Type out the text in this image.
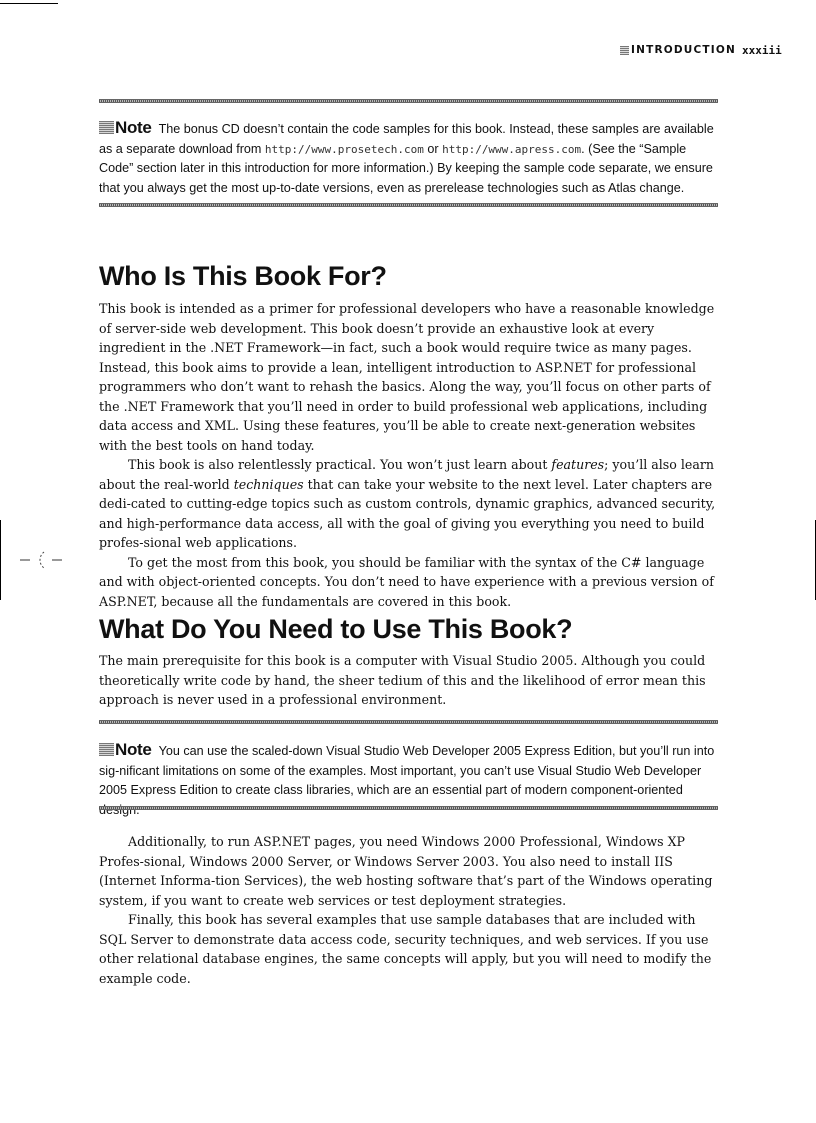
INTRODUCTION xxxiii
Note The bonus CD doesn’t contain the code samples for this book. Instead, these samples are available as a separate download from http://www.prosetech.com or http://www.apress.com. (See the “Sample Code” section later in this introduction for more information.) By keeping the sample code separate, we ensure that you always get the most up-to-date versions, even as prerelease technologies such as Atlas change.
Who Is This Book For?

This book is intended as a primer for professional developers who have a reasonable knowledge of server-side web development. This book doesn’t provide an exhaustive look at every ingredient in the .NET Framework—in fact, such a book would require twice as many pages. Instead, this book aims to provide a lean, intelligent introduction to ASP.NET for professional programmers who don’t want to rehash the basics. Along the way, you’ll focus on other parts of the .NET Framework that you’ll need in order to build professional web applications, including data access and XML. Using these features, you’ll be able to create next-generation websites with the best tools on hand today.

This book is also relentlessly practical. You won’t just learn about features; you’ll also learn about the real-world techniques that can take your website to the next level. Later chapters are dedi-cated to cutting-edge topics such as custom controls, dynamic graphics, advanced security, and high-performance data access, all with the goal of giving you everything you need to build profes-sional web applications.

To get the most from this book, you should be familiar with the syntax of the C# language and with object-oriented concepts. You don’t need to have experience with a previous version of ASP.NET, because all the fundamentals are covered in this book.

What Do You Need to Use This Book?

The main prerequisite for this book is a computer with Visual Studio 2005. Although you could theoretically write code by hand, the sheer tedium of this and the likelihood of error mean this approach is never used in a professional environment.

Note You can use the scaled-down Visual Studio Web Developer 2005 Express Edition, but you’ll run into sig-nificant limitations on some of the examples. Most important, you can’t use Visual Studio Web Developer 2005 Express Edition to create class libraries, which are an essential part of modern component-oriented

Additionally, to run ASP.NET pages, you need Windows 2000 Professional, Windows XP Profes-sional, Windows 2000 Server, or Windows Server 2003. You also need to install IIS (Internet Informa-tion Services), the web hosting software that’s part of the Windows operating system, if you want to create web services or test deployment strategies.

Finally, this book has several examples that use sample databases that are included with SQL Server to demonstrate data access code, security techniques, and web services. If you use other relational database engines, the same concepts will apply, but you will need to modify the example code.
